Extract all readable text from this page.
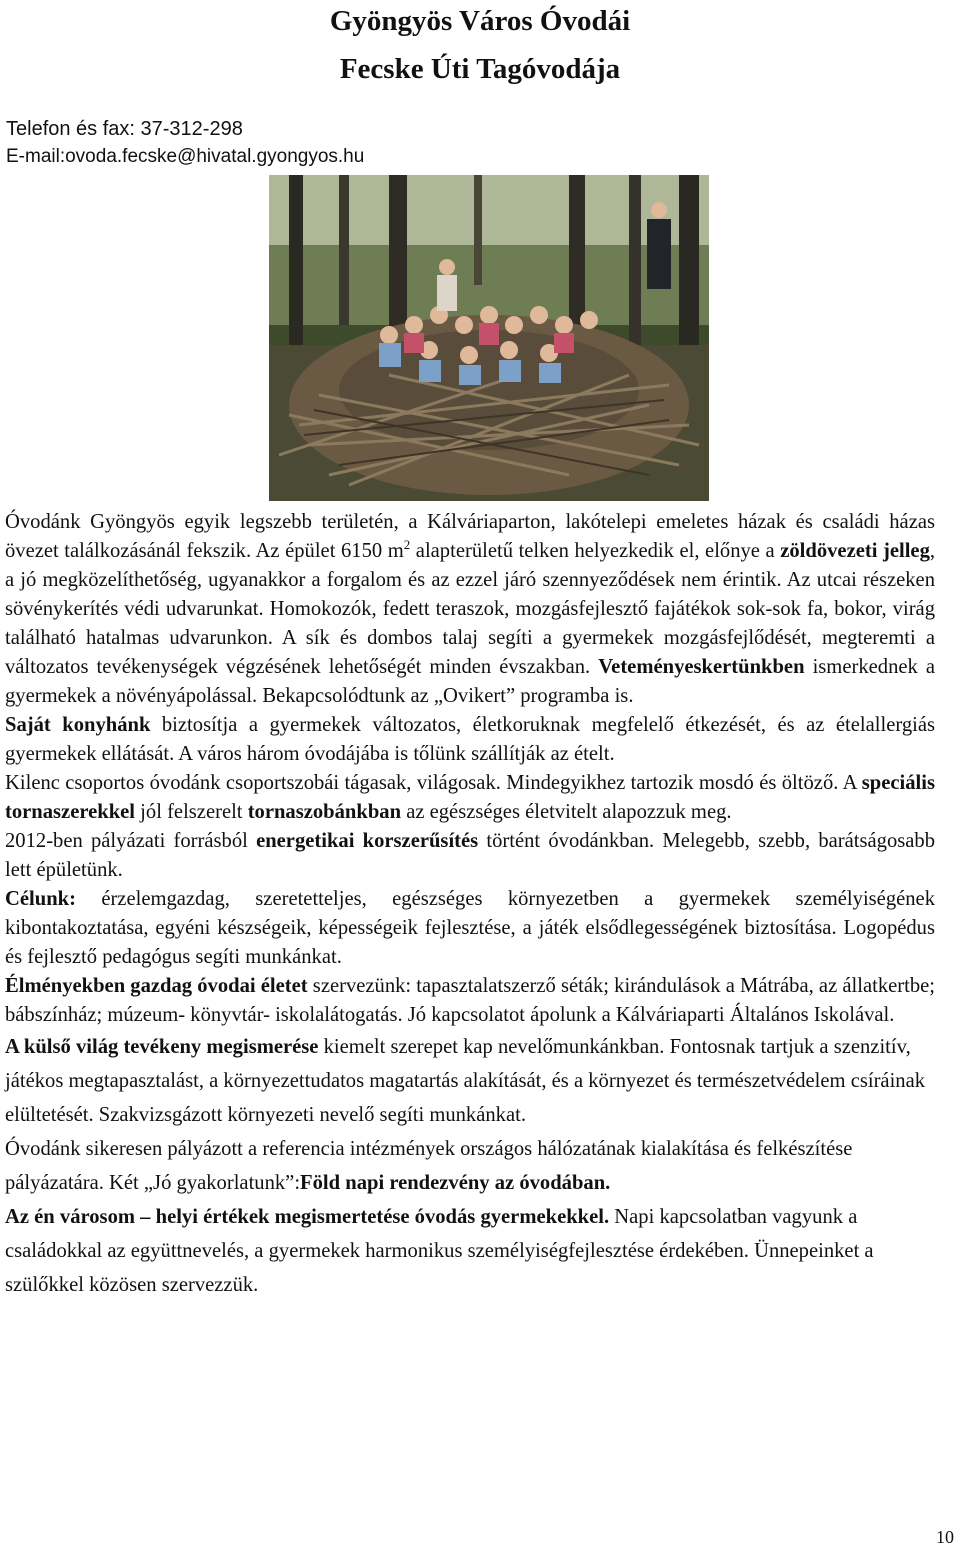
Gyöngyös Város Óvodái
Fecske Úti Tagóvodája
Telefon és fax: 37-312-298
E-mail:ovoda.fecske@hivatal.gyongyos.hu

Óvodánk Gyöngyös egyik legszebb területén, a Kálváriaparton, lakótelepi emeletes házak és családi házas övezet találkozásánál fekszik. Az épület 6150 $m^2$ alapterületű telken helyezkedik el, előnye a zöldövezeti jelleg, a jó megközelíthetőség, ugyanakkor a forgalom és az ezzel járó szennyeződések nem érintik. Az utcai részeken sövénykerítés védi udvarunkat. Homokozók, fedett teraszok, mozgásfejlesztő fajátékok sok-sok fa, bokor, virág található hatalmas udvarunkon. A sík és dombos talaj segíti a gyermekek mozgásfejlődését, megteremti a változatos tevékenységek végzésének lehetőségét minden évszakban. Veteményeskertünkben ismerkednek a gyermekek a növényápolással. Bekapcsolódtunk az „Ovikert” programba is.

Saját konyhánk biztosítja a gyermekek változatos, életkoruknak megfelelő étkezését, és az ételallergiás gyermekek ellátását. A város három óvodájába is tőlünk szállítják az ételt.

Kilenc csoportos óvodánk csoportszobái tágasak, világosak. Mindegyikhez tartozik mosdó és öltöző. A speciális tornaszerekkel jól felszerelt tornaszobánkban az egészséges életvitelt alapozzuk meg.

2012-ben pályázati forrásból energetikai korszerűsítés történt óvodánkban. Melegebb, szebb, barátságosabb lett épületünk.

Célunk: érzelemgazdag, szeretetteljes, egészséges környezetben a gyermekek személyiségének kibontakoztatása, egyéni készségeik, képességeik fejlesztése, a játék elsődlegességének biztosítása. Logopédus és fejlesztő pedagógus segíti munkánkat.

Élményekben gazdag óvodai életet szervezünk: tapasztalatszerző séták; kirándulások a Mátrába, az állatkertbe; bábszínház; múzeum- könyvtár- iskolalátogatás. Jó kapcsolatot ápolunk a Kálváriaparti Általános Iskolával.

A külső világ tevékeny megismerése kiemelt szerepet kap nevelőmunkánkban. Fontosnak tartjuk a szenzitív, játékos megtapasztalást, a környezettudatos magatartás alakítását, és a környezet és természetvédelem csíráinak elültetését. Szakvizsgázott környezeti nevelő segíti munkánkat.

Óvodánk sikeresen pályázott a referencia intézmények országos hálózatának kialakítása és felkészítése pályázatára. Két „Jó gyakorlatunk”:Föld napi rendezvény az óvodában.

Az én városom – helyi értékek megismertetése óvodás gyermekekkel. Napi kapcsolatban vagyunk a családokkal az együttnevelés, a gyermekek harmonikus személyiségfejlesztése érdekében. Ünnepeinket a szülőkkel közösen szervezzük.

10
